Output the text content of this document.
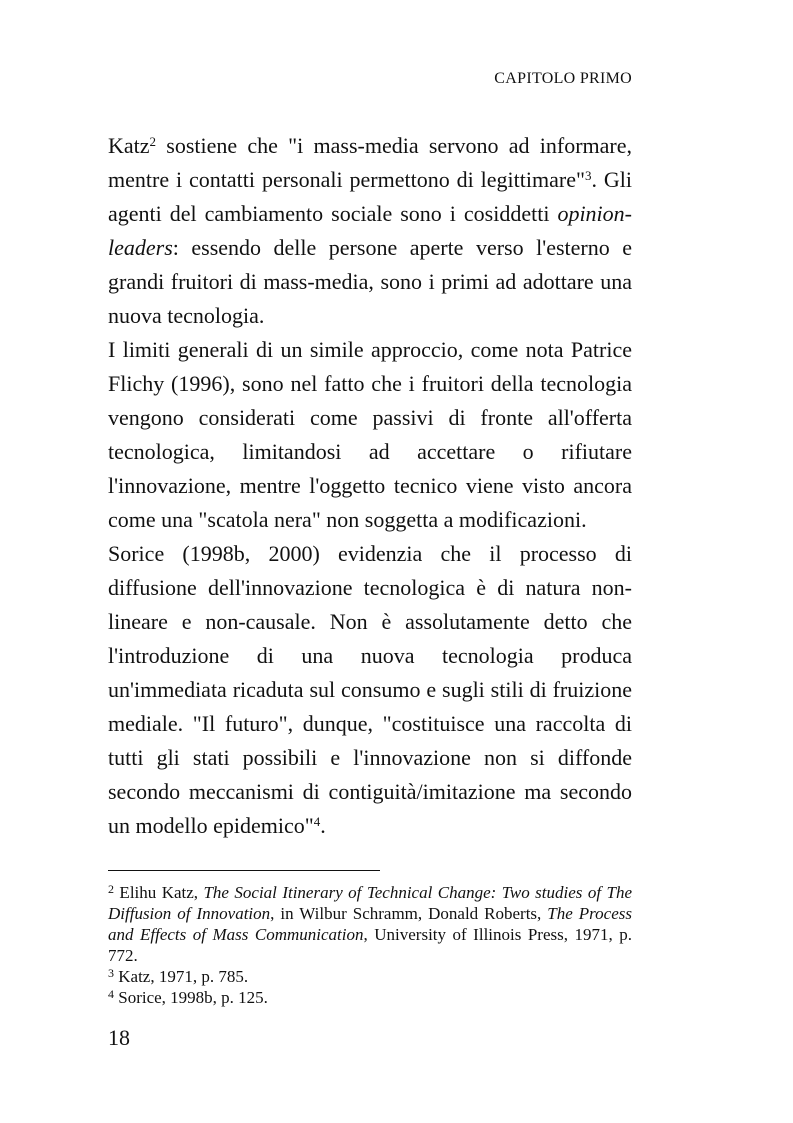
CAPITOLO PRIMO

Katz$^2$ sostiene che "i mass-media servono ad informare, mentre i contatti personali permettono di legittimare"$^3$. Gli agenti del cambiamento sociale sono i cosiddetti opinion-leaders: essendo delle persone aperte verso l'esterno e grandi fruitori di mass-media, sono i primi ad adottare una nuova tecnologia.

I limiti generali di un simile approccio, come nota Patrice Flichy (1996), sono nel fatto che i fruitori della tecnologia vengono considerati come passivi di fronte all'offerta tecnologica, limitandosi ad accettare o rifiutare l'innovazione, mentre l'oggetto tecnico viene visto ancora come una "scatola nera" non soggetta a modificazioni.

Sorice (1998b, 2000) evidenzia che il processo di diffusione dell'innovazione tecnologica è di natura non-lineare e non-causale. Non è assolutamente detto che l'introduzione di una nuova tecnologia produca un'immediata ricaduta sul consumo e sugli stili di fruizione mediale. "Il futuro", dunque, "costituisce una raccolta di tutti gli stati possibili e l'innovazione non si diffonde secondo meccanismi di contiguità/imitazione ma secondo un modello epidemico"$^4$.

$^2$ Elihu Katz, The Social Itinerary of Technical Change: Two studies of The Diffusion of Innovation, in Wilbur Schramm, Donald Roberts, The Process and Effects of Mass Communication, University of Illinois Press, 1971, p. 772.

$^3$ Katz, 1971, p. 785.

$^4$ Sorice, 1998b, p. 125.

18
